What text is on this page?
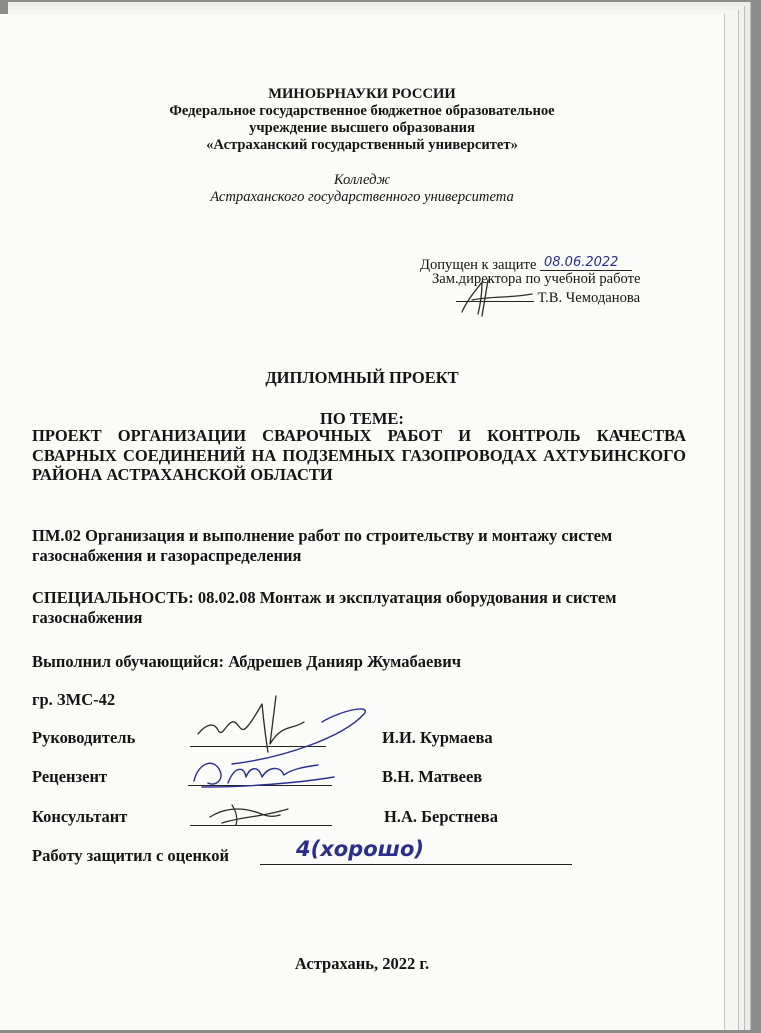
МИНОБРНАУКИ РОССИИ
Федеральное государственное бюджетное образовательное
учреждение высшего образования
«Астраханский государственный университет»
Колледж
Астраханского государственного университета
Допущен к защите 08.06.2022
Зам.директора по учебной работе
Т.В. Чемоданова
ДИПЛОМНЫЙ ПРОЕКТ
ПО ТЕМЕ:
ПРОЕКТ ОРГАНИЗАЦИИ СВАРОЧНЫХ РАБОТ И КОНТРОЛЬ КАЧЕСТВА СВАРНЫХ СОЕДИНЕНИЙ НА ПОДЗЕМНЫХ ГАЗОПРОВОДАХ АХТУБИНСКОГО РАЙОНА АСТРАХАНСКОЙ ОБЛАСТИ
ПМ.02 Организация и выполнение работ по строительству и монтажу систем газоснабжения и газораспределения
СПЕЦИАЛЬНОСТЬ: 08.02.08 Монтаж и эксплуатация оборудования и систем газоснабжения
Выполнил обучающийся: Абдрешев Данияр Жумабаевич
гр. ЗМС-42
Руководитель	И.И. Курмаева
Рецензент	В.Н. Матвеев
Консультант	Н.А. Берстнева
Работу защитил с оценкой	4(хорошо)
Астрахань, 2022 г.
